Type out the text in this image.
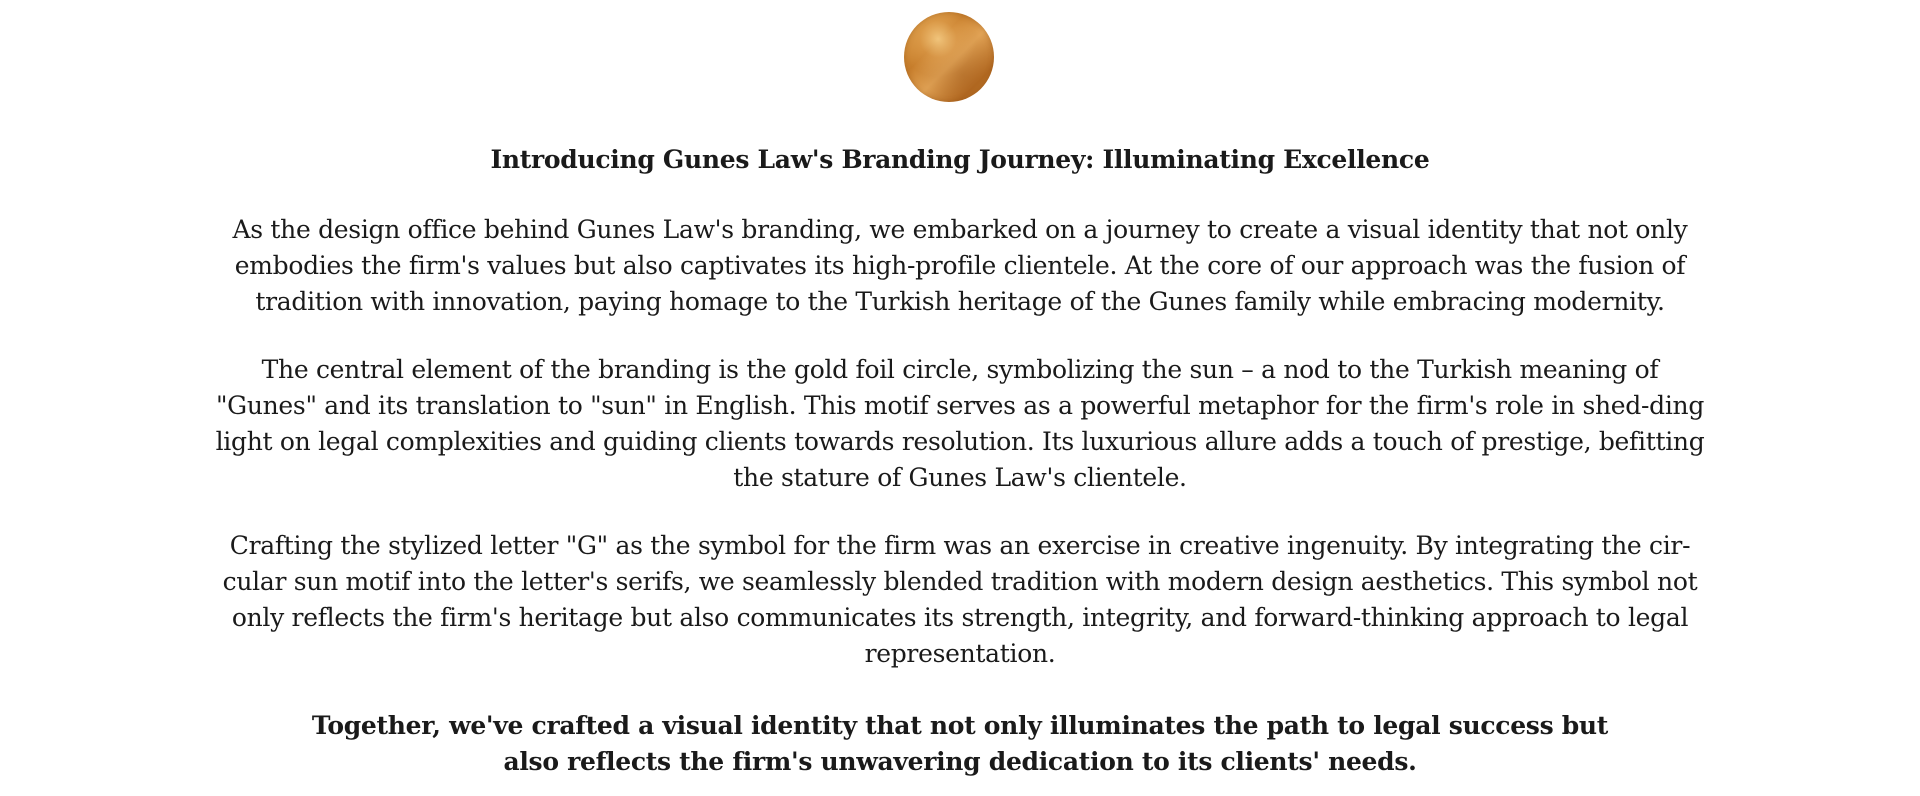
Introducing Gunes Law's Branding Journey: Illuminating Excellence

As the design office behind Gunes Law's branding, we embarked on a journey to create a visual identity that not only embodies the firm's values but also captivates its high-profile clientele. At the core of our approach was the fusion of tradition with innovation, paying homage to the Turkish heritage of the Gunes family while embracing modernity.

The central element of the branding is the gold foil circle, symbolizing the sun – a nod to the Turkish meaning of "Gunes" and its translation to "sun" in English. This motif serves as a powerful metaphor for the firm's role in shed-ding light on legal complexities and guiding clients towards resolution. Its luxurious allure adds a touch of prestige, befitting the stature of Gunes Law's clientele.

Crafting the stylized letter "G" as the symbol for the firm was an exercise in creative ingenuity. By integrating the cir-cular sun motif into the letter's serifs, we seamlessly blended tradition with modern design aesthetics. This symbol not only reflects the firm's heritage but also communicates its strength, integrity, and forward-thinking approach to legal representation.

Together, we've crafted a visual identity that not only illuminates the path to legal success but also reflects the firm's unwavering dedication to its clients' needs.
